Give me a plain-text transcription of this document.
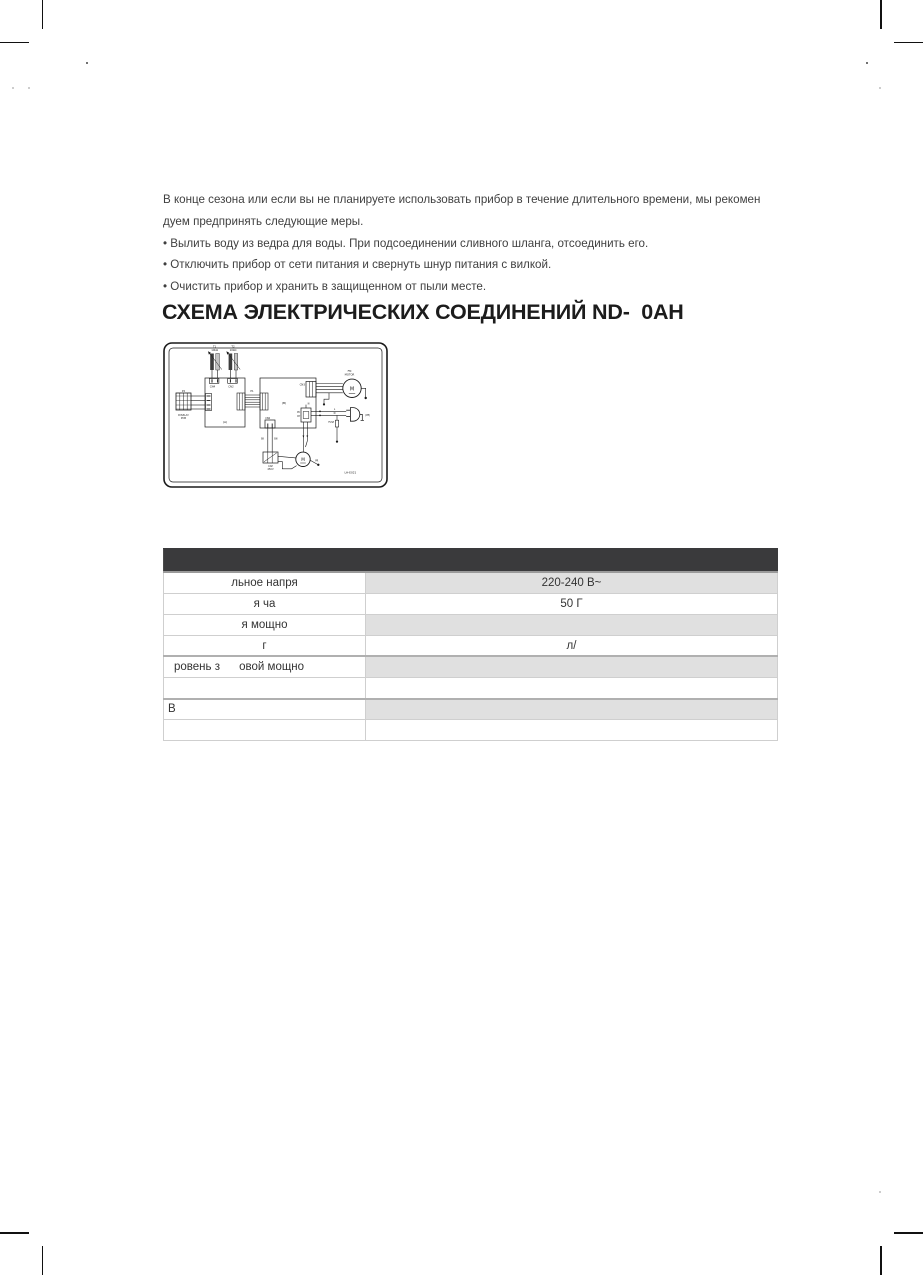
В конце сезона или если вы не планируете использовать прибор в течение длительного времени, мы рекомен
дуем предпринять следующие меры.
• Вылить воду из ведра для воды. При подсоединении сливного шланга, отсоединить его.
• Отключить прибор от сети питания и свернуть шнур питания с вилкой.
• Очистить прибор и хранить в защищенном от пыли месте.
СХЕМА ЭЛЕКТРИЧЕСКИХ СОЕДИНЕНИЙ ND-  0АН
(A)
(B)
P2
DISPLAY
PCB
T1
10kΩ
CN4
T2
10kΩ
CN2
P1
CN3
M
FM
MOTOR
N
PC
RY
L
N
(PE)
FUSE
CN2
BK	BN
CAP
450V
M	PR
LH-E021

льное напря	220-240 В~
я ча	50 Г
я мощно	
г	л/
ровень з      овой мощно	

В	
